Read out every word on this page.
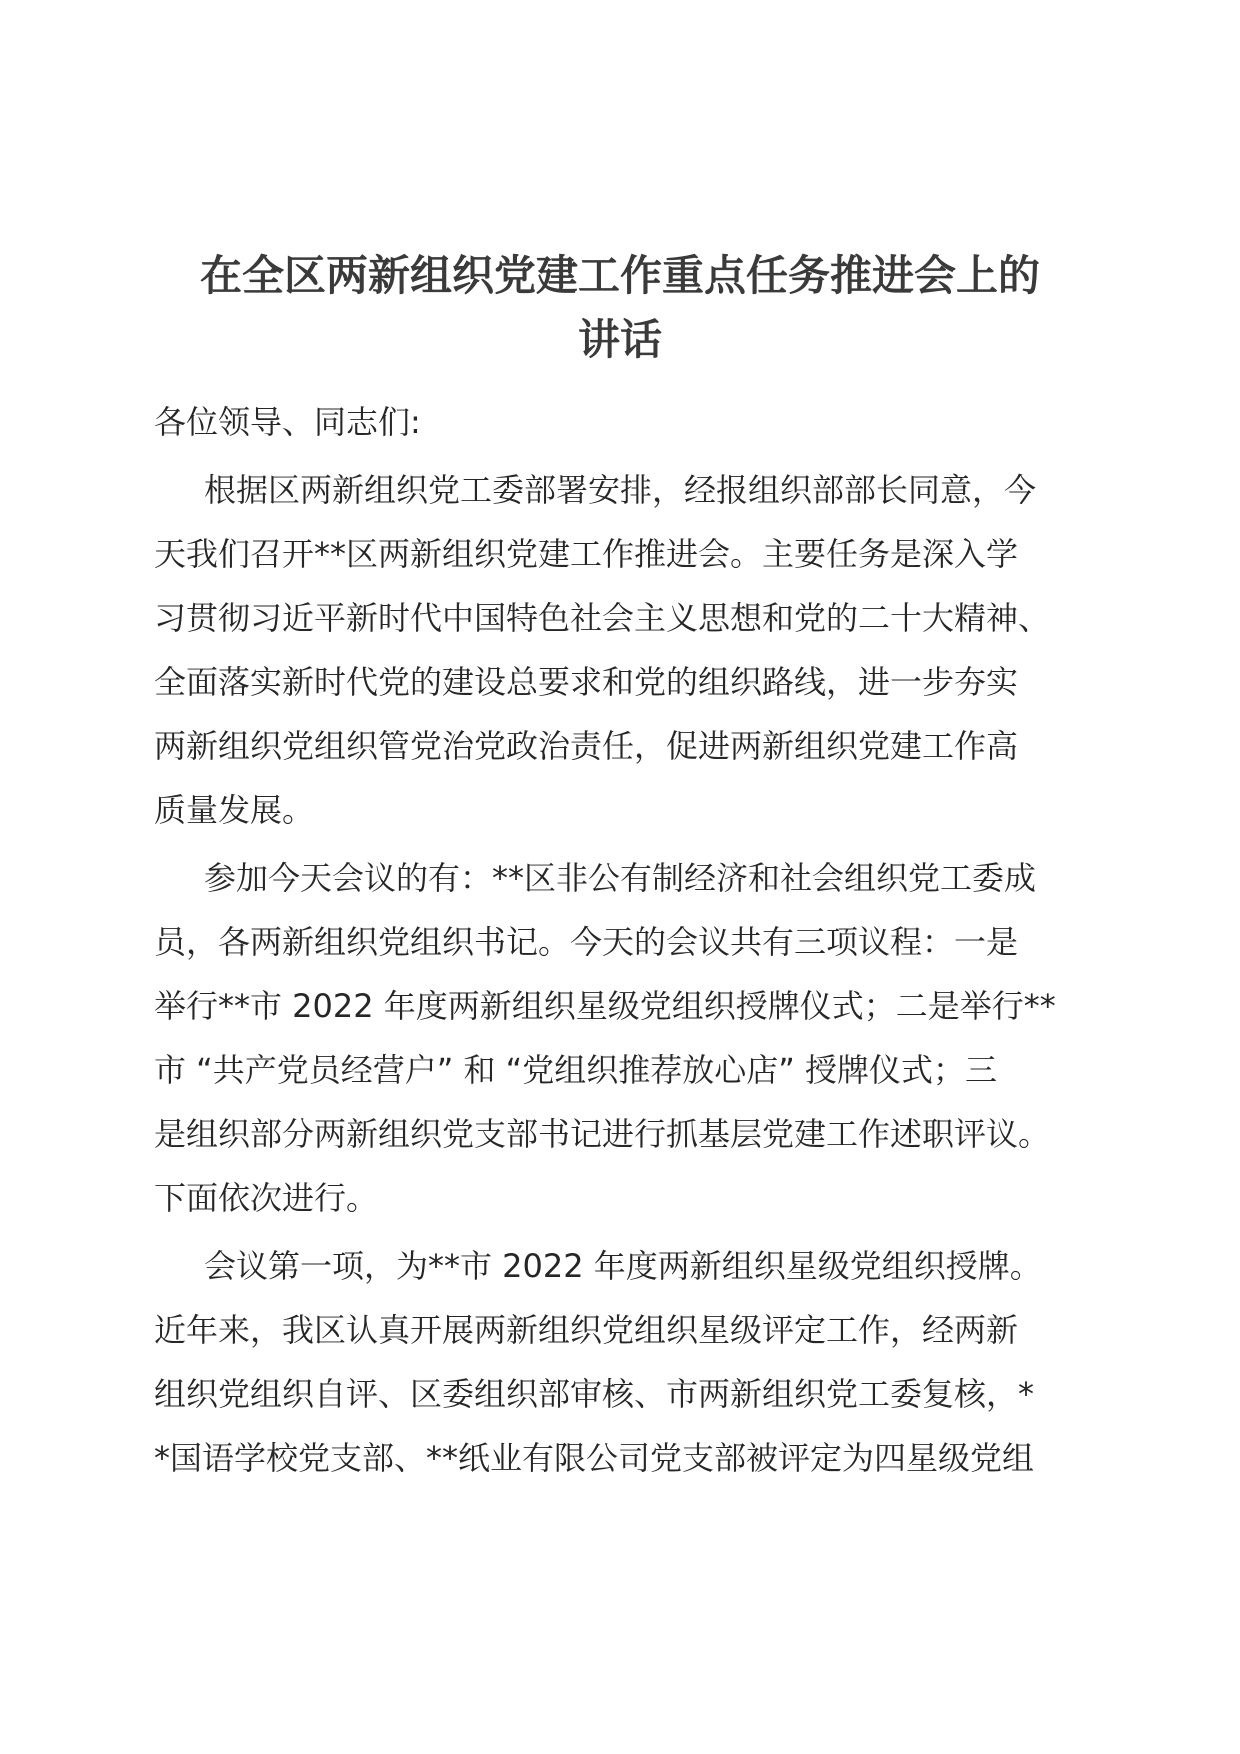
在全区两新组织党建工作重点任务推进会上的
讲话

各位领导、同志们:

根据区两新组织党工委部署安排，经报组织部部长同意，今
天我们召开**区两新组织党建工作推进会。主要任务是深入学
习贯彻习近平新时代中国特色社会主义思想和党的二十大精神、
全面落实新时代党的建设总要求和党的组织路线，进一步夯实
两新组织党组织管党治党政治责任，促进两新组织党建工作高
质量发展。

参加今天会议的有：**区非公有制经济和社会组织党工委成
员，各两新组织党组织书记。今天的会议共有三项议程：一是
举行**市 2022 年度两新组织星级党组织授牌仪式；二是举行**
市 “共产党员经营户” 和 “党组织推荐放心店” 授牌仪式；三
是组织部分两新组织党支部书记进行抓基层党建工作述职评议。
下面依次进行。

会议第一项，为**市 2022 年度两新组织星级党组织授牌。
近年来，我区认真开展两新组织党组织星级评定工作，经两新
组织党组织自评、区委组织部审核、市两新组织党工委复核，*
*国语学校党支部、**纸业有限公司党支部被评定为四星级党组
